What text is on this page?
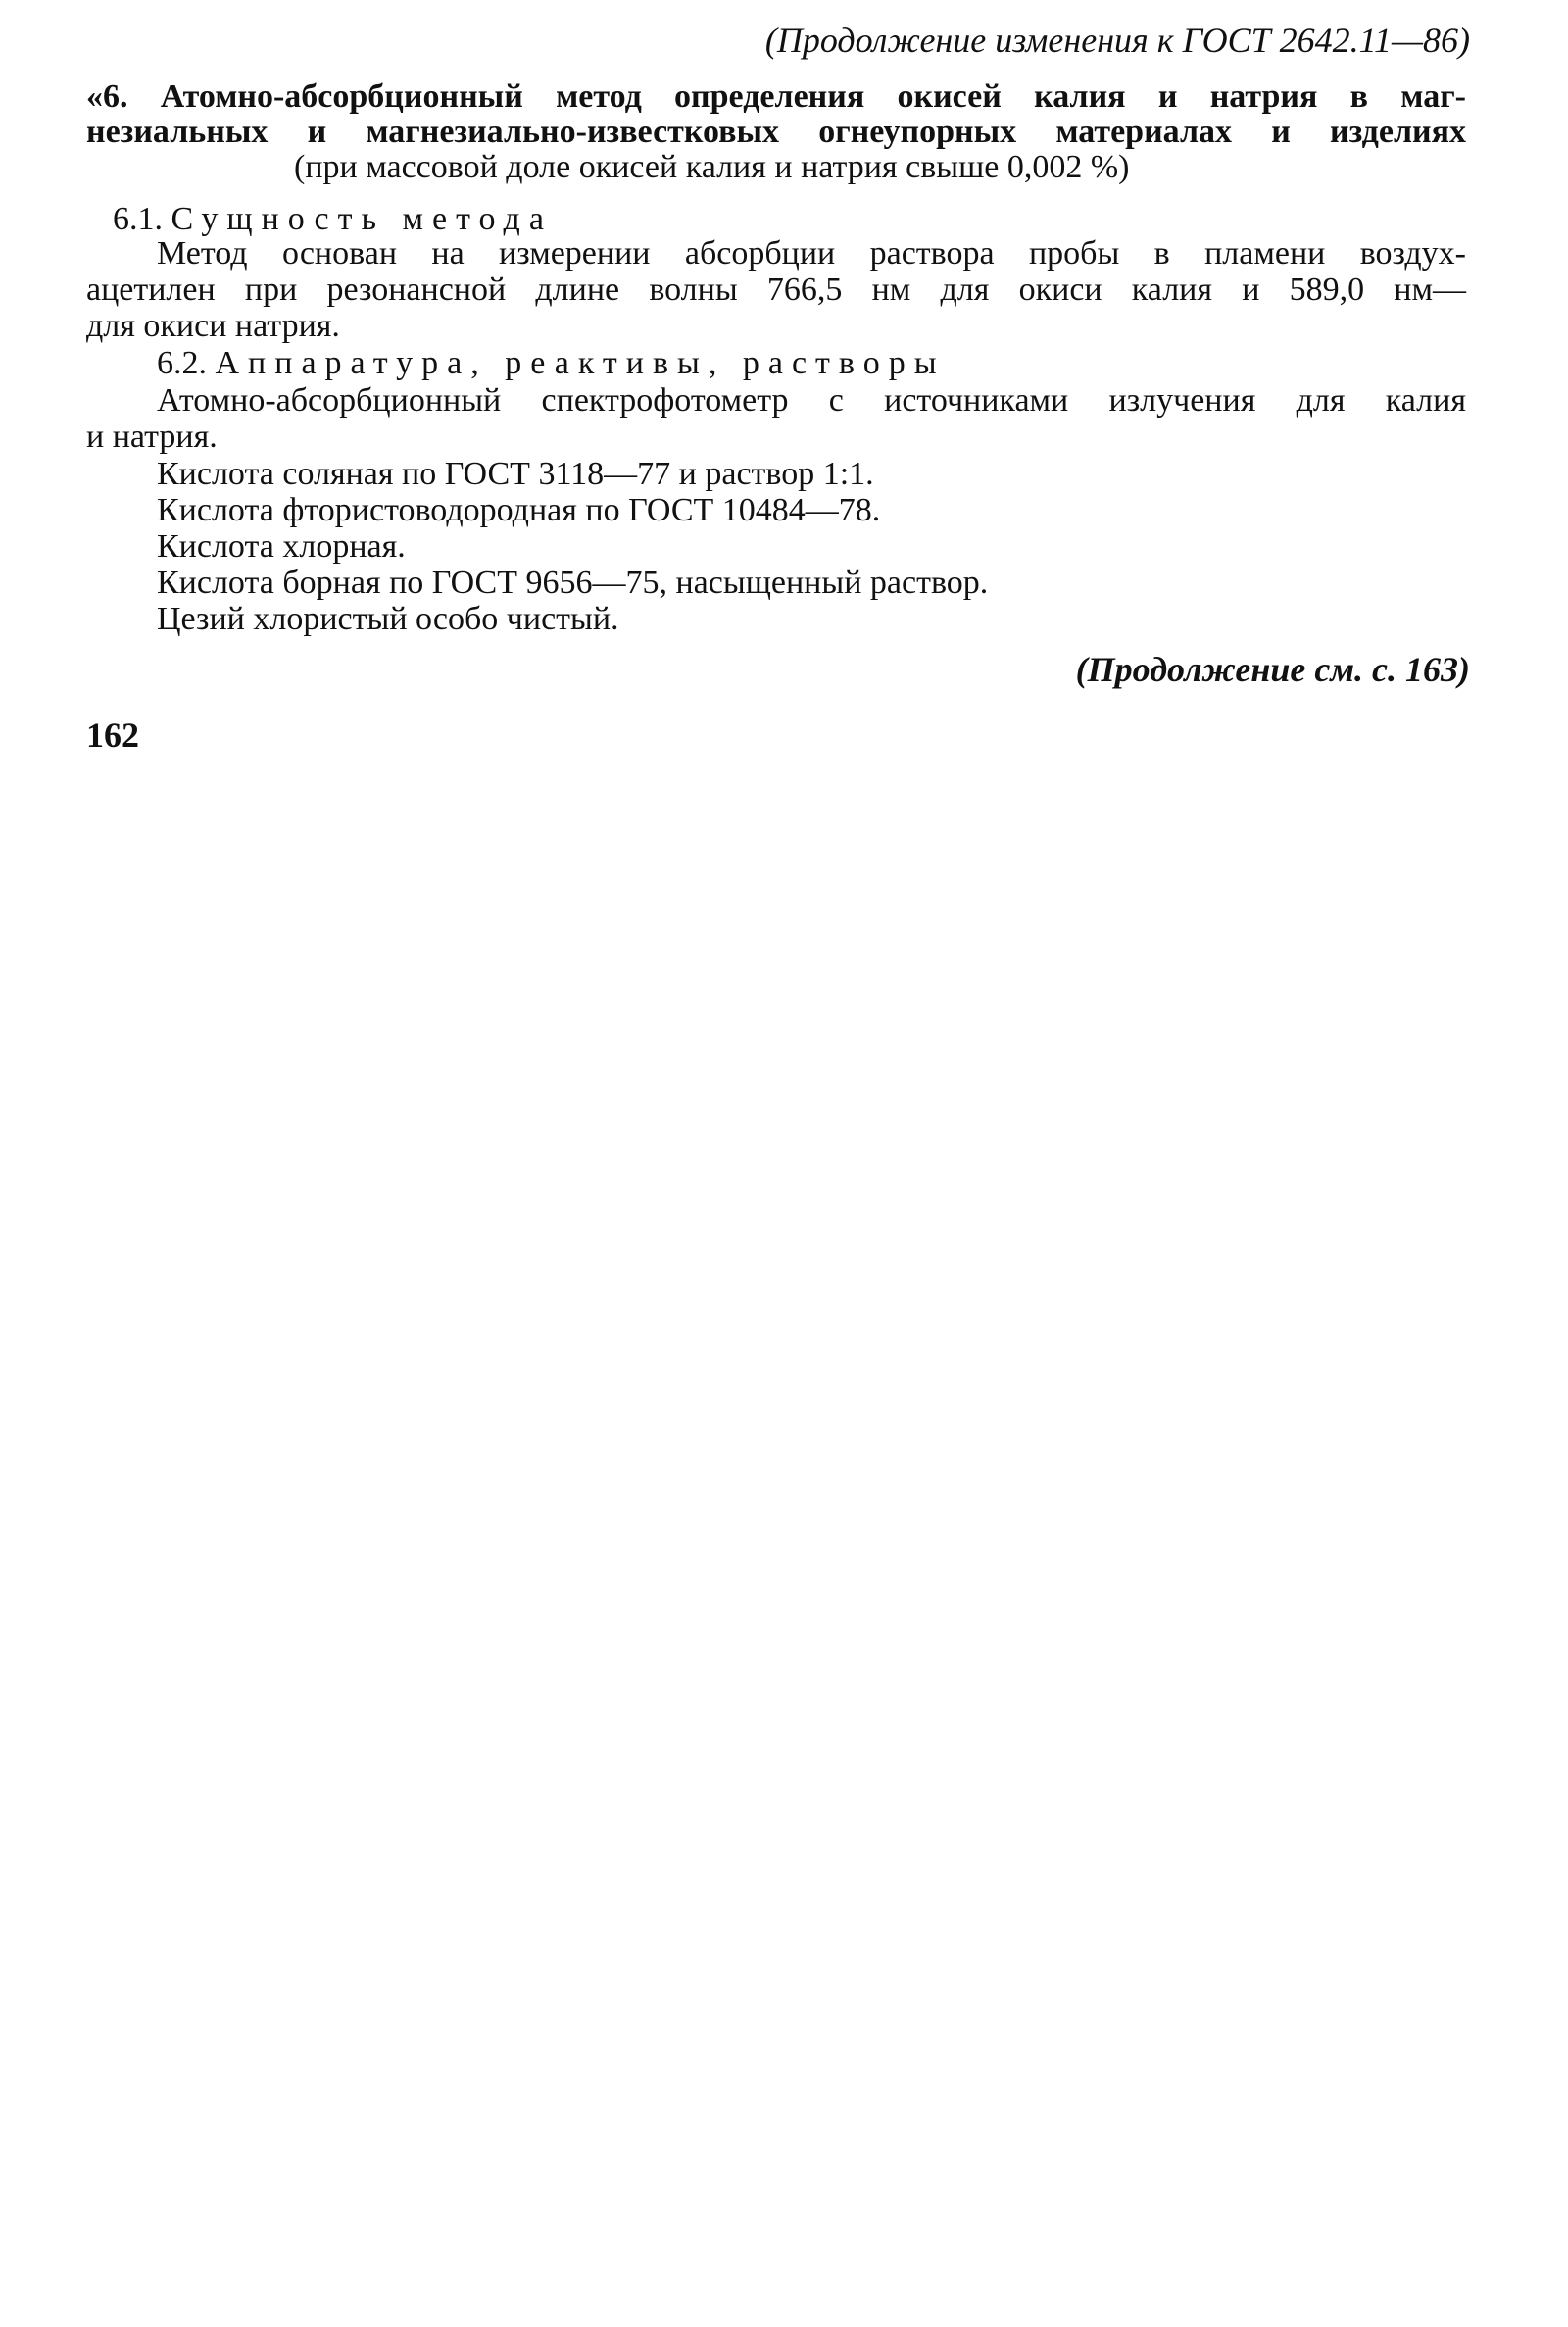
(Продолжение изменения к ГОСТ 2642.11—86)
«6. Атомно-абсорбционный метод определения окисей калия и натрия в маг-
незиальных и магнезиально-известковых огнеупорных материалах и изделиях
(при массовой доле окисей калия и натрия свыше 0,002 %)
6.1. Сущность метода
Метод основан на измерении абсорбции раствора пробы в пламени воздух-
ацетилен при резонансной длине волны 766,5 нм для окиси калия и 589,0 нм—
для окиси натрия.
6.2. Аппаратура, реактивы, растворы
Атомно-абсорбционный спектрофотометр с источниками излучения для калия
и натрия.
Кислота соляная по ГОСТ 3118—77 и раствор 1:1.
Кислота фтористоводородная по ГОСТ 10484—78.
Кислота хлорная.
Кислота борная по ГОСТ 9656—75, насыщенный раствор.
Цезий хлористый особо чистый.
(Продолжение см. с. 163)
162
